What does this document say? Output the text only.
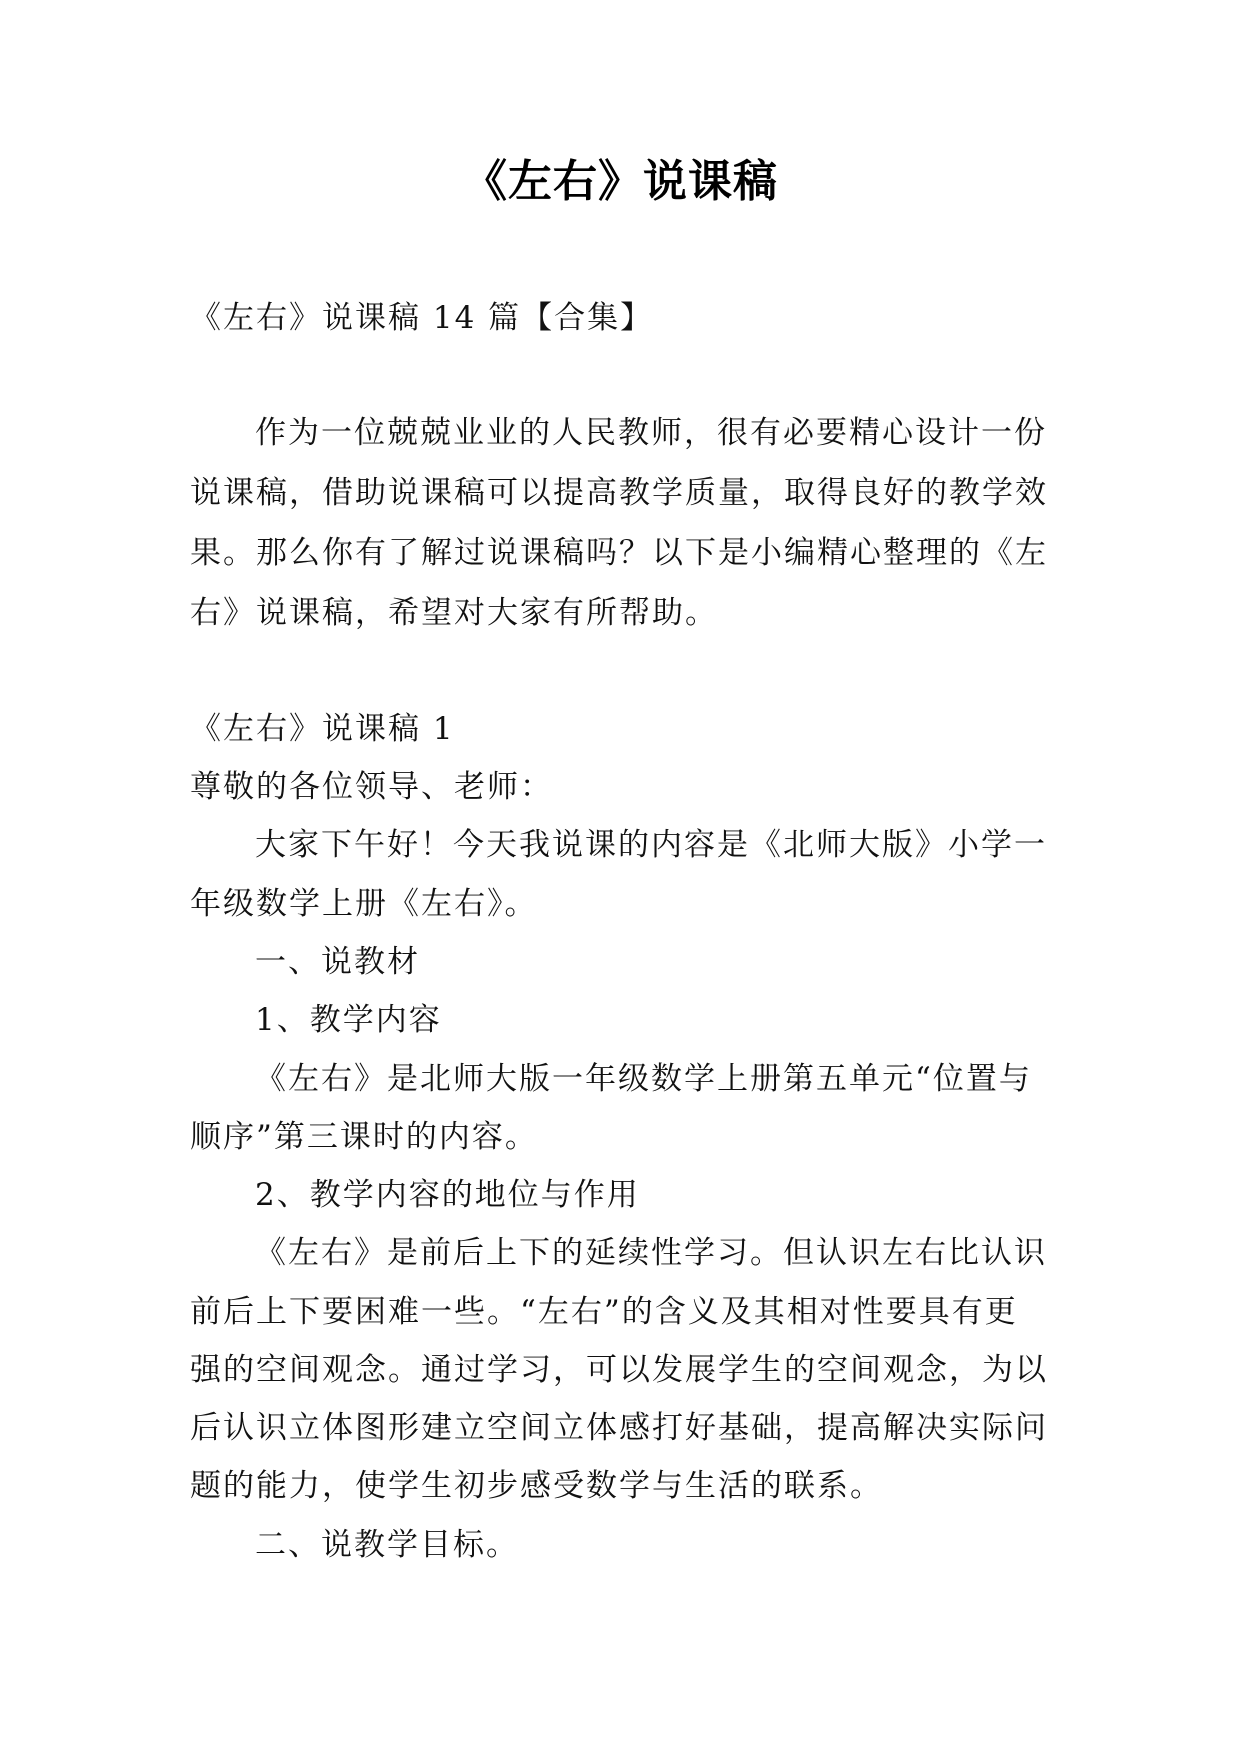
《左右》说课稿
《左右》说课稿 14 篇【合集】
作为一位兢兢业业的人民教师，很有必要精心设计一份
说课稿，借助说课稿可以提高教学质量，取得良好的教学效
果。那么你有了解过说课稿吗？以下是小编精心整理的《左
右》说课稿，希望对大家有所帮助。
《左右》说课稿 1
尊敬的各位领导、老师：
大家下午好！今天我说课的内容是《北师大版》小学一
年级数学上册《左右》。
一、说教材
1、教学内容
《左右》是北师大版一年级数学上册第五单元“位置与
顺序”第三课时的内容。
2、教学内容的地位与作用
《左右》是前后上下的延续性学习。但认识左右比认识
前后上下要困难一些。“左右”的含义及其相对性要具有更
强的空间观念。通过学习，可以发展学生的空间观念，为以
后认识立体图形建立空间立体感打好基础，提高解决实际问
题的能力，使学生初步感受数学与生活的联系。
二、说教学目标。
